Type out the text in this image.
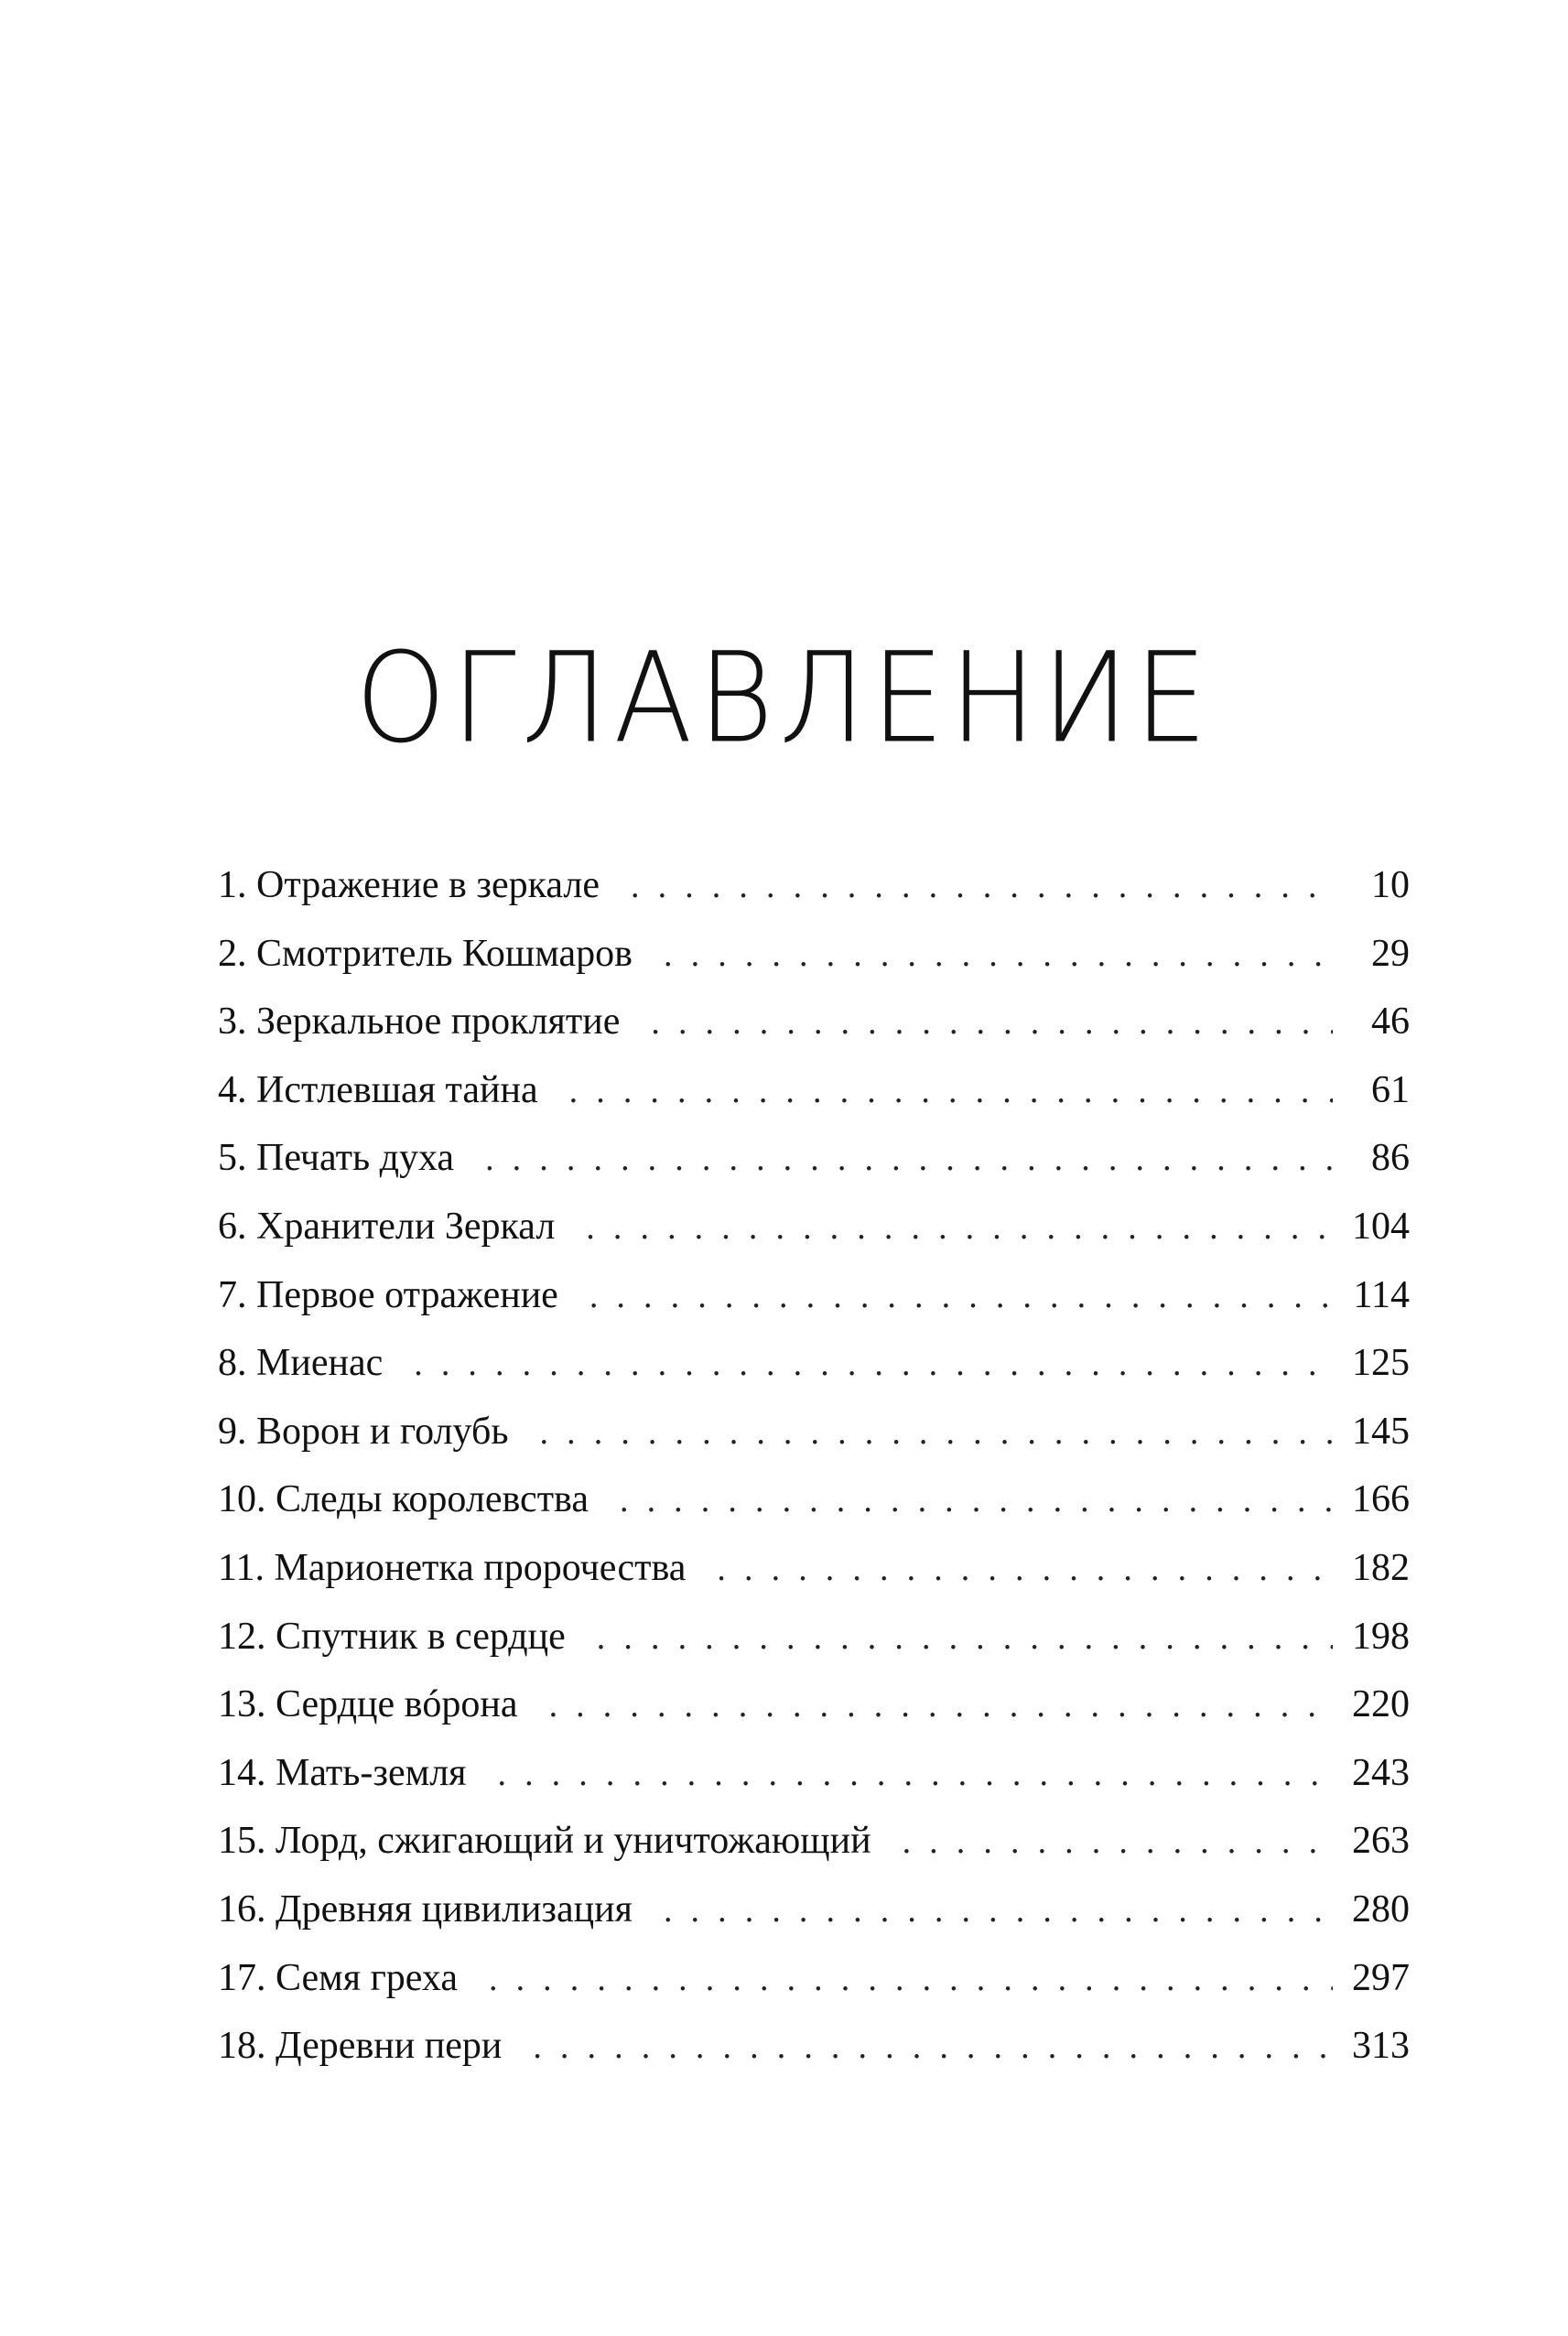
ОГЛАВЛЕНИЕ
1. Отражение в зеркале . . .	10
2. Смотритель Кошмаров . . .	29
3. Зеркальное проклятие . . .	46
4. Истлевшая тайна . . .	61
5. Печать духа . . .	86
6. Хранители Зеркал . . .	104
7. Первое отражение . . .	114
8. Миенас . . .	125
9. Ворон и голубь . . .	145
10. Следы королевства . . .	166
11. Марионетка пророчества . . .	182
12. Спутник в сердце . . .	198
13. Сердце вóрона . . .	220
14. Мать-земля . . .	243
15. Лорд, сжигающий и уничтожающий . . .	263
16. Древняя цивилизация . . .	280
17. Семя греха . . .	297
18. Деревни пери . . .	313
